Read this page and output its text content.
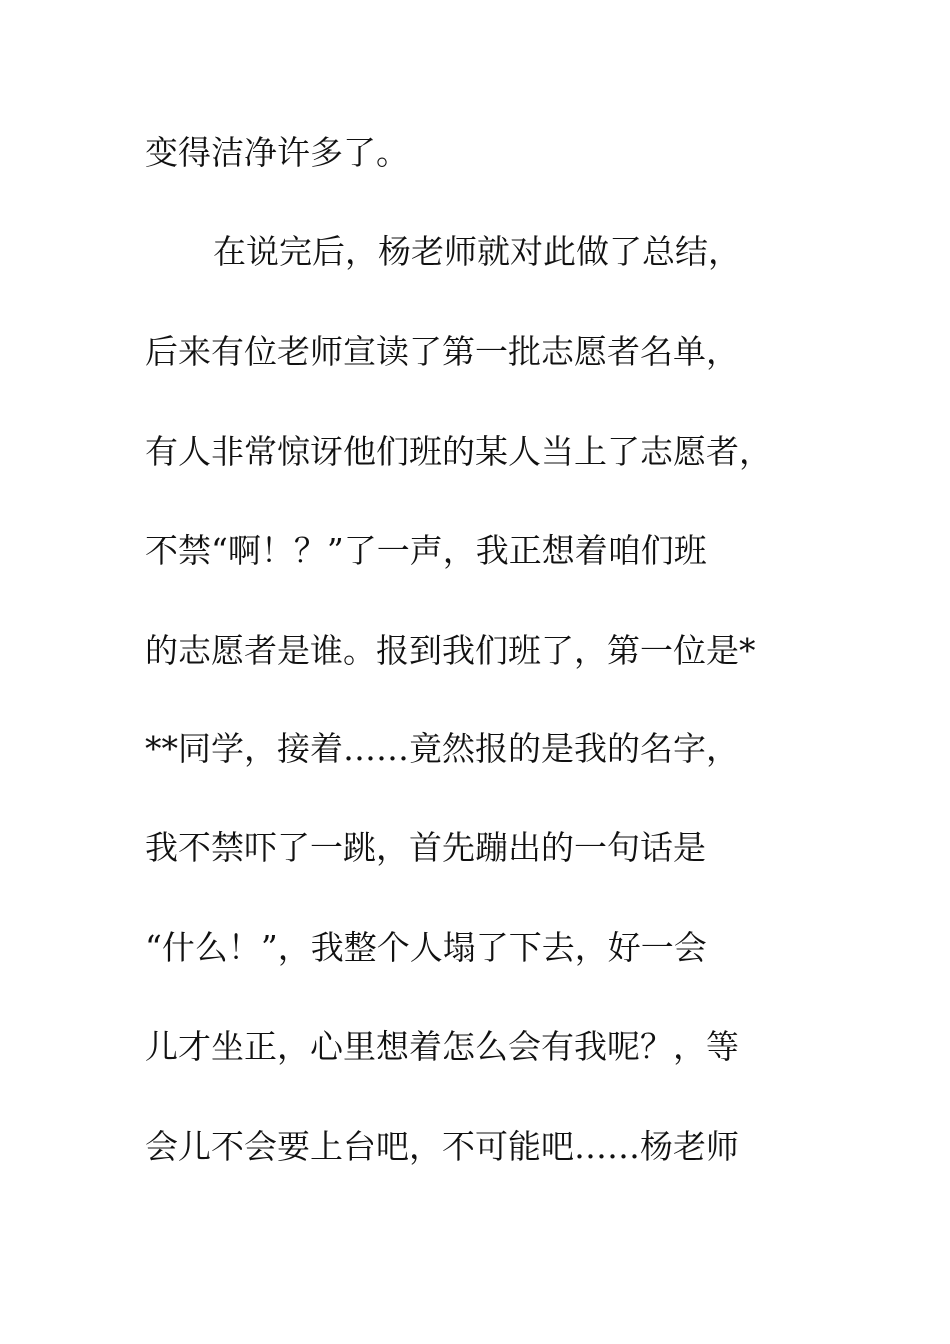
变得洁净许多了。
在说完后，杨老师就对此做了总结，
后来有位老师宣读了第一批志愿者名单，
有人非常惊讶他们班的某人当上了志愿者，
不禁“啊！？”了一声，我正想着咱们班
的志愿者是谁。报到我们班了，第一位是*
**同学，接着……竟然报的是我的名字，
我不禁吓了一跳，首先蹦出的一句话是
“什么！”，我整个人塌了下去，好一会
儿才坐正，心里想着怎么会有我呢？，等
会儿不会要上台吧，不可能吧……杨老师
